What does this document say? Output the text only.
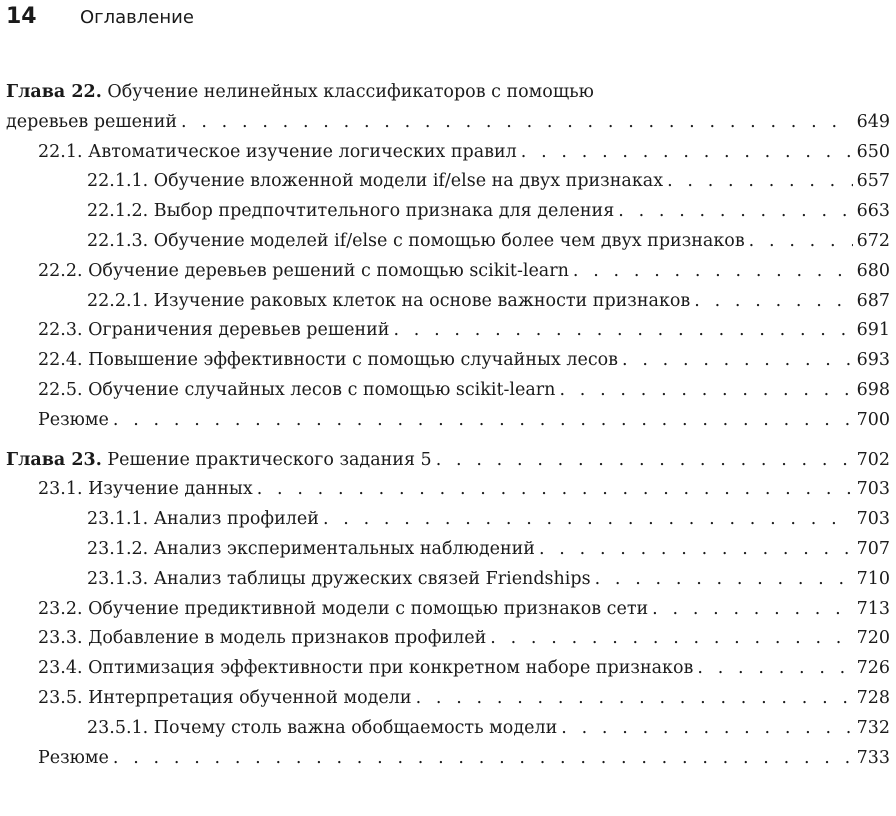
14	Оглавление
Глава 22. Обучение нелинейных классификаторов с помощью
деревьев решений . . .	649
22.1. Автоматическое изучение логических правил . . .	650
22.1.1. Обучение вложенной модели if/else на двух признаках . . .	657
22.1.2. Выбор предпочтительного признака для деления . . .	663
22.1.3. Обучение моделей if/else с помощью более чем двух признаков . . .	672
22.2. Обучение деревьев решений с помощью scikit-learn . . .	680
22.2.1. Изучение раковых клеток на основе важности признаков . . .	687
22.3. Ограничения деревьев решений . . .	691
22.4. Повышение эффективности с помощью случайных лесов . . .	693
22.5. Обучение случайных лесов с помощью scikit-learn . . .	698
Резюме . . .	700
Глава 23. Решение практического задания 5 . . .	702
23.1. Изучение данных . . .	703
23.1.1. Анализ профилей . . .	703
23.1.2. Анализ экспериментальных наблюдений . . .	707
23.1.3. Анализ таблицы дружеских связей Friendships . . .	710
23.2. Обучение предиктивной модели с помощью признаков сети . . .	713
23.3. Добавление в модель признаков профилей . . .	720
23.4. Оптимизация эффективности при конкретном наборе признаков . . .	726
23.5. Интерпретация обученной модели . . .	728
23.5.1. Почему столь важна обобщаемость модели . . .	732
Резюме . . .	733
